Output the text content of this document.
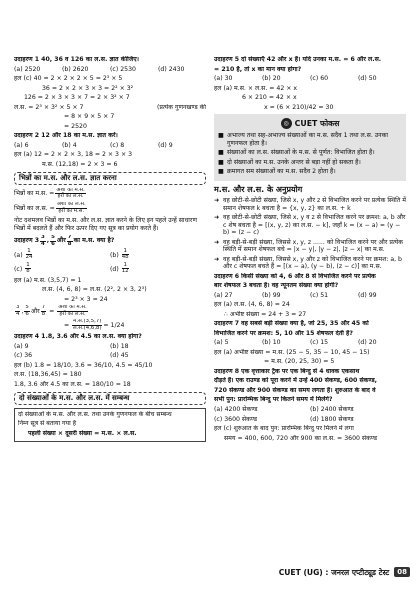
उदाहरण 1 40, 36 व 126 का ल.स. ज्ञात कीजिए।
(a) 2520	(b) 2620	(c) 2530	(d) 2430
हल (c) 40 = 2 × 2 × 2 × 5 = 2³ × 5
36 = 2 × 2 × 3 × 3 = 2² × 3²
126 = 2 × 3 × 3 × 7 = 2 × 3² × 7
ल.स. = 2³ × 3² × 5 × 7	(प्रत्येक गुणनखण्ड की
= 8 × 9 × 5 × 7
= 2520
उदाहरण 2 12 और 18 का म.स. ज्ञात करें।
(a) 6	(b) 4	(c) 8	(d) 9
हल (a) 12 = 2 × 2 × 3, 18 = 2 × 3 × 3
म.स. (12,18) = 2 × 3 = 6
भिन्नों का म.स. और ल.स. ज्ञात करना
भिन्नों का म.स. = $\frac{\text{अंशों का म.स.}}{\text{हरों का ल.स.}}$
भिन्नों का ल.स. = $\frac{\text{अंशों का ल.स.}}{\text{हरों का म.स.}}$
नोट दशमलव भिन्नों का म.स. और ल.स. ज्ञात करने के लिए इन पहले उन्हें साधारण भिन्नों में बदलते हैं और फिर ऊपर दिए गए सूत्र का प्रयोग करते हैं।
उदाहरण $3 \frac{3}{4}$ , $\frac{5}{6}$ और $\frac{7}{8}$ का म.स. क्या है?
$(a) \frac{1}{24}$	$(b) \frac{1}{48}$
$(c) \frac{1}{8}$	$(d) \frac{1}{12}$
हल (a) म.स. (3,5,7) = 1
ल.स. (4, 6, 8) = ल.स. (2², 2 × 3, 2³)
= 2³ × 3 = 24
$\frac{3}{4}$ , $\frac{5}{6}$ और $\frac{7}{8} = \frac{\text{अंशों का म.स.}}{\text{हरों का ल.स.}}$
= $\frac{\text{म.स.(3,5,7)}}{\text{ल.स.(4,6,8)}} = 1/24$
उदाहरण 4 1.8, 3.6 और 4.5 का ल.स. क्या होगा?
(a) 9	(b) 18
(c) 36	(d) 45
हल (b) 1.8 = 18/10, 3.6 = 36/10, 4.5 = 45/10
ल.स. (18,36,45) = 180
1.8, 3.6 और 4.5 का ल.स. = 180/10 = 18
दो संख्याओं के म.स. और ल.स. में सम्बन्ध
दो संख्याओं के म.स. और ल.स. तथा उनके गुणनफल के बीच सम्बन्ध
निम्न सूत्र से बताया गया है
पहली संख्या × दूसरी संख्या = म.स. × ल.स.
उदाहरण 5 दो संख्याएँ 42 और x हैं। यदि उनका म.स. = 6 और ल.स.
= 210 है, तो x का मान क्या होगा?
(a) 30	(b) 20	(c) 60	(d) 50
हल (a) म.स. × ल.स. = 42 × x
6 × 210 = 42 × x
x = (6 × 210)/42 = 30
◎ CUET फोकस
■ अभाज्य तथा सह-अभाज्य संख्याओं का म.स. सदैव 1 तथा ल.स. उनका गुणनफल होता है।
■ संख्याओं का ल.स. संख्याओं के म.स. से पूर्णत: विभाजित होता है।
■ दो संख्याओं का म.स. उनके अन्तर से बड़ा नहीं हो सकता है।
■ क्रमागत सम संख्याओं का म.स. सदैव 2 होता है।
म.स. और ल.स. के अनुप्रयोग
➜ वह छोटी-से-छोटी संख्या, जिसे x, y और z से विभाजित करने पर प्रत्येक स्थिति में समान शेषफल k बचता है = {x, y, z} का ल.स. + k
➜ वह छोटी-से-छोटी संख्या, जिसे x, y व z से विभाजित करने पर क्रमश: a, b और c शेष बचता है = [(x, y, z) का ल.स. − k], जहाँ k = (x − a) = (y − b) = (z − c)
➜ वह बड़ी-से-बड़ी संख्या, जिससे x, y, z ...... को विभाजित करने पर और प्रत्येक स्थिति में समान शेषफल बचे = |x − y|, |y − z|, |z − x| का म.स.
➜ वह बड़ी-से-बड़ी संख्या, जिससे x, y और z को विभाजित करने पर क्रमश: a, b और c शेषफल बचते हैं = [(x − a), (y − b), (z − c)] का म.स.
उदाहरण 6 किसी संख्या को 4, 6 और 8 से विभाजित करने पर प्रत्येक
बार शेषफल 3 बचता है। वह न्यूनतम संख्या क्या होगी?
(a) 27	(b) 99	(c) 51	(d) 99
हल (a) ल.स. (4, 6, 8) = 24
∴ अभीष्ट संख्या = 24 + 3 = 27
उदाहरण 7 वह सबसे बड़ी संख्या क्या है, जो 25, 35 और 45 को
विभाजित करने पर क्रमश: 5, 10 और 15 शेषफल देती है?
(a) 5	(b) 10	(c) 15	(d) 20
हल (a) अभीष्ट संख्या = म.स. (25 − 5, 35 − 10, 45 − 15)
= म.स. (20, 25, 30) = 5
उदाहरण 8 एक वृत्ताकार ट्रैक पर एक बिन्दु से 4 धावक एकसाथ
दौड़ते हैं। एक राउण्ड को पूरा करने में उन्हें 400 सेकण्ड, 600 सेकण्ड,
720 सेकण्ड और 900 सेकण्ड का समय लगता है। शुरुआत के बाद वे
सभी पुन: प्रारम्भिक बिन्दु पर कितने समय में मिलेंगे?
(a) 4200 सेकण्ड	(b) 2400 सेकण्ड
(c) 3600 सेकण्ड	(d) 1800 सेकण्ड
हल (c) शुरुआत के बाद पुन: प्रारम्भिक बिन्दु पर मिलने में लगा
समय = 400, 600, 720 और 900 का ल.स. = 3600 सेकण्ड
CUET (UG) : जनरल एप्टीट्यूड टेस्ट	08
